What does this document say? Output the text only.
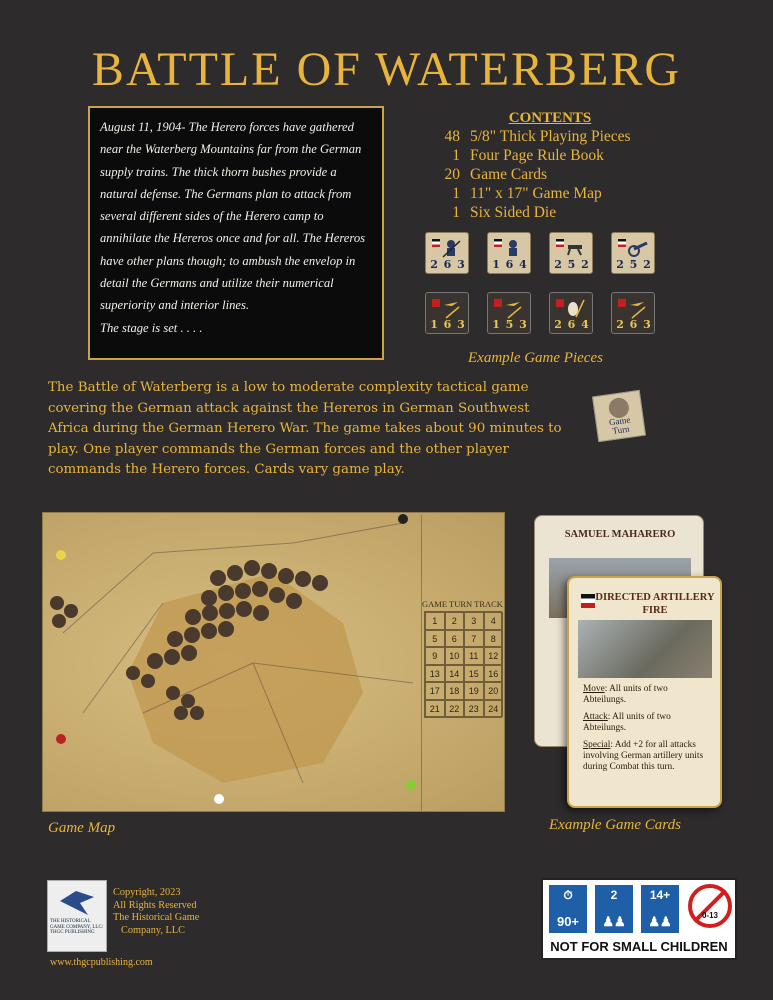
BATTLE OF WATERBERG

August 11, 1904- The Herero forces have gathered near the Waterberg Mountains far from the German supply trains. The thick thorn bushes provide a natural defense. The Germans plan to attack from several different sides of the Herero camp to annihilate the Hereros once and for all. The Hereros have other plans though; to ambush the envelop in detail the Germans and utilize their numerical superiority and interior lines.

The stage is set . . . .

CONTENTS
48 5/8" Thick Playing Pieces
1 Four Page Rule Book
20 Game Cards
1 11" x 17" Game Map
1 Six Sided Die
2 6 3	1 6 4	2 5 2	2 5 2
1 6 3	1 5 3	2 6 4	2 6 3
Example Game Pieces
The Battle of Waterberg is a low to moderate complexity tactical game covering the German attack against the Hereros in German Southwest Africa during the German Herero War. The game takes about 90 minutes to play. One player commands the German forces and the other player commands the Herero forces. Cards vary game play.
Game
Turn
GAME TURN TRACK
1	2	3	4
5	6	7	8
9	10	11	12
13	14	15	16
17	18	19	20
21	22	23	24
Game Map
SAMUEL MAHARERO
DIRECTED ARTILLERY FIRE

Move: All units of two Abteilungs.

Attack: All units of two Abteilungs.

Special: Add +2 for all attacks involving German artillery units during Combat this turn.

Example Game Cards
THE HISTORICAL GAME COMPANY, LLC/ THGC PUBLISHING
Copyright, 2023
All Rights Reserved
The Historical Game
Company, LLC
www.thgcpublishing.com
⏱
90+
2
♟♟
14+
♟♟	0-13
NOT FOR SMALL CHILDREN
